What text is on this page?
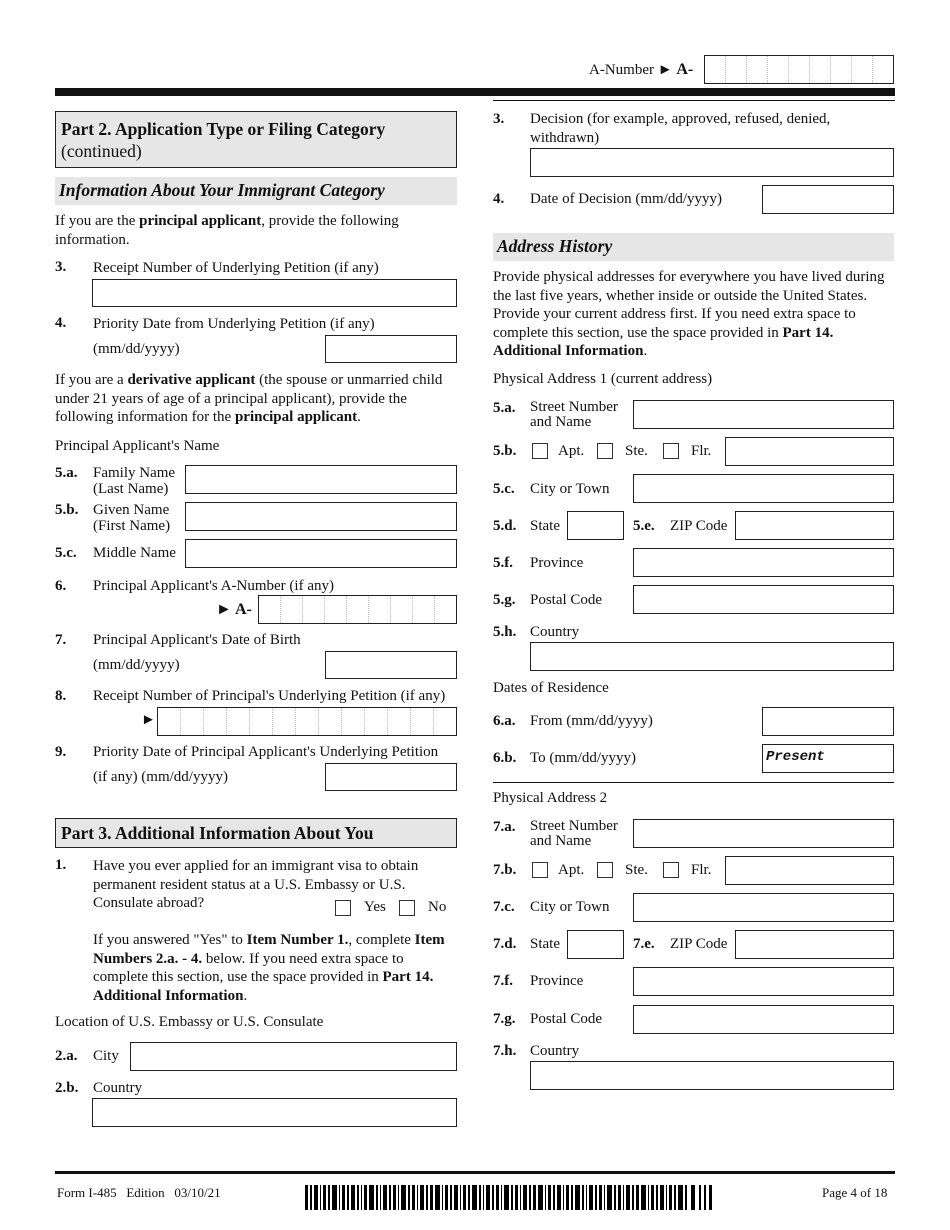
A-Number ► A-
Part 2. Application Type or Filing Category
(continued)
Information About Your Immigrant Category
If you are the principal applicant, provide the following information.
3. Receipt Number of Underlying Petition (if any)
4. Priority Date from Underlying Petition (if any)
(mm/dd/yyyy)
If you are a derivative applicant (the spouse or unmarried child under 21 years of age of a principal applicant), provide the following information for the principal applicant.
Principal Applicant's Name
5.a. Family Name
(Last Name)
5.b. Given Name
(First Name)
5.c. Middle Name
6. Principal Applicant's A-Number (if any)
► A-
7. Principal Applicant's Date of Birth
(mm/dd/yyyy)
8. Receipt Number of Principal's Underlying Petition (if any)
►
9. Priority Date of Principal Applicant's Underlying Petition
(if any) (mm/dd/yyyy)
Part 3. Additional Information About You
1. Have you ever applied for an immigrant visa to obtain permanent resident status at a U.S. Embassy or U.S. Consulate abroad?	Yes	No
If you answered "Yes" to Item Number 1., complete Item Numbers 2.a. - 4. below. If you need extra space to complete this section, use the space provided in Part 14. Additional Information.
Location of U.S. Embassy or U.S. Consulate
2.a. City
2.b. Country
3. Decision (for example, approved, refused, denied, withdrawn)
4. Date of Decision (mm/dd/yyyy)
Address History
Provide physical addresses for everywhere you have lived during the last five years, whether inside or outside the United States. Provide your current address first. If you need extra space to complete this section, use the space provided in Part 14. Additional Information.
Physical Address 1 (current address)
5.a. Street Number
and Name
5.b.	Apt.	Ste.	Flr.
5.c. City or Town
5.d. State	5.e. ZIP Code
5.f. Province
5.g. Postal Code
5.h. Country
Dates of Residence
6.a. From (mm/dd/yyyy)
6.b. To (mm/dd/yyyy)	Present
Physical Address 2
7.a. Street Number
and Name
7.b.	Apt.	Ste.	Flr.
7.c. City or Town
7.d. State	7.e. ZIP Code
7.f. Province
7.g. Postal Code
7.h. Country
Form I-485   Edition   03/10/21	Page 4 of 18
